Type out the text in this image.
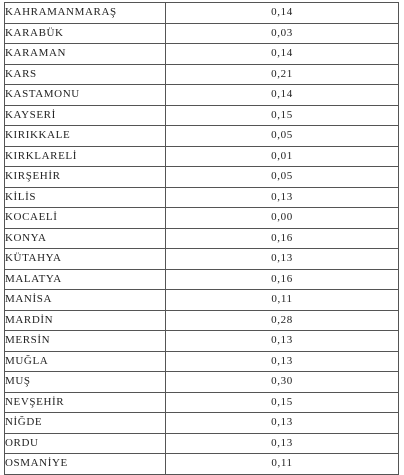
KAHRAMANMARAŞ	0,14
KARABÜK	0,03
KARAMAN	0,14
KARS	0,21
KASTAMONU	0,14
KAYSERİ	0,15
KIRIKKALE	0,05
KIRKLARELİ	0,01
KIRŞEHİR	0,05
KİLİS	0,13
KOCAELİ	0,00
KONYA	0,16
KÜTAHYA	0,13
MALATYA	0,16
MANİSA	0,11
MARDİN	0,28
MERSİN	0,13
MUĞLA	0,13
MUŞ	0,30
NEVŞEHİR	0,15
NİĞDE	0,13
ORDU	0,13
OSMANİYE	0,11
